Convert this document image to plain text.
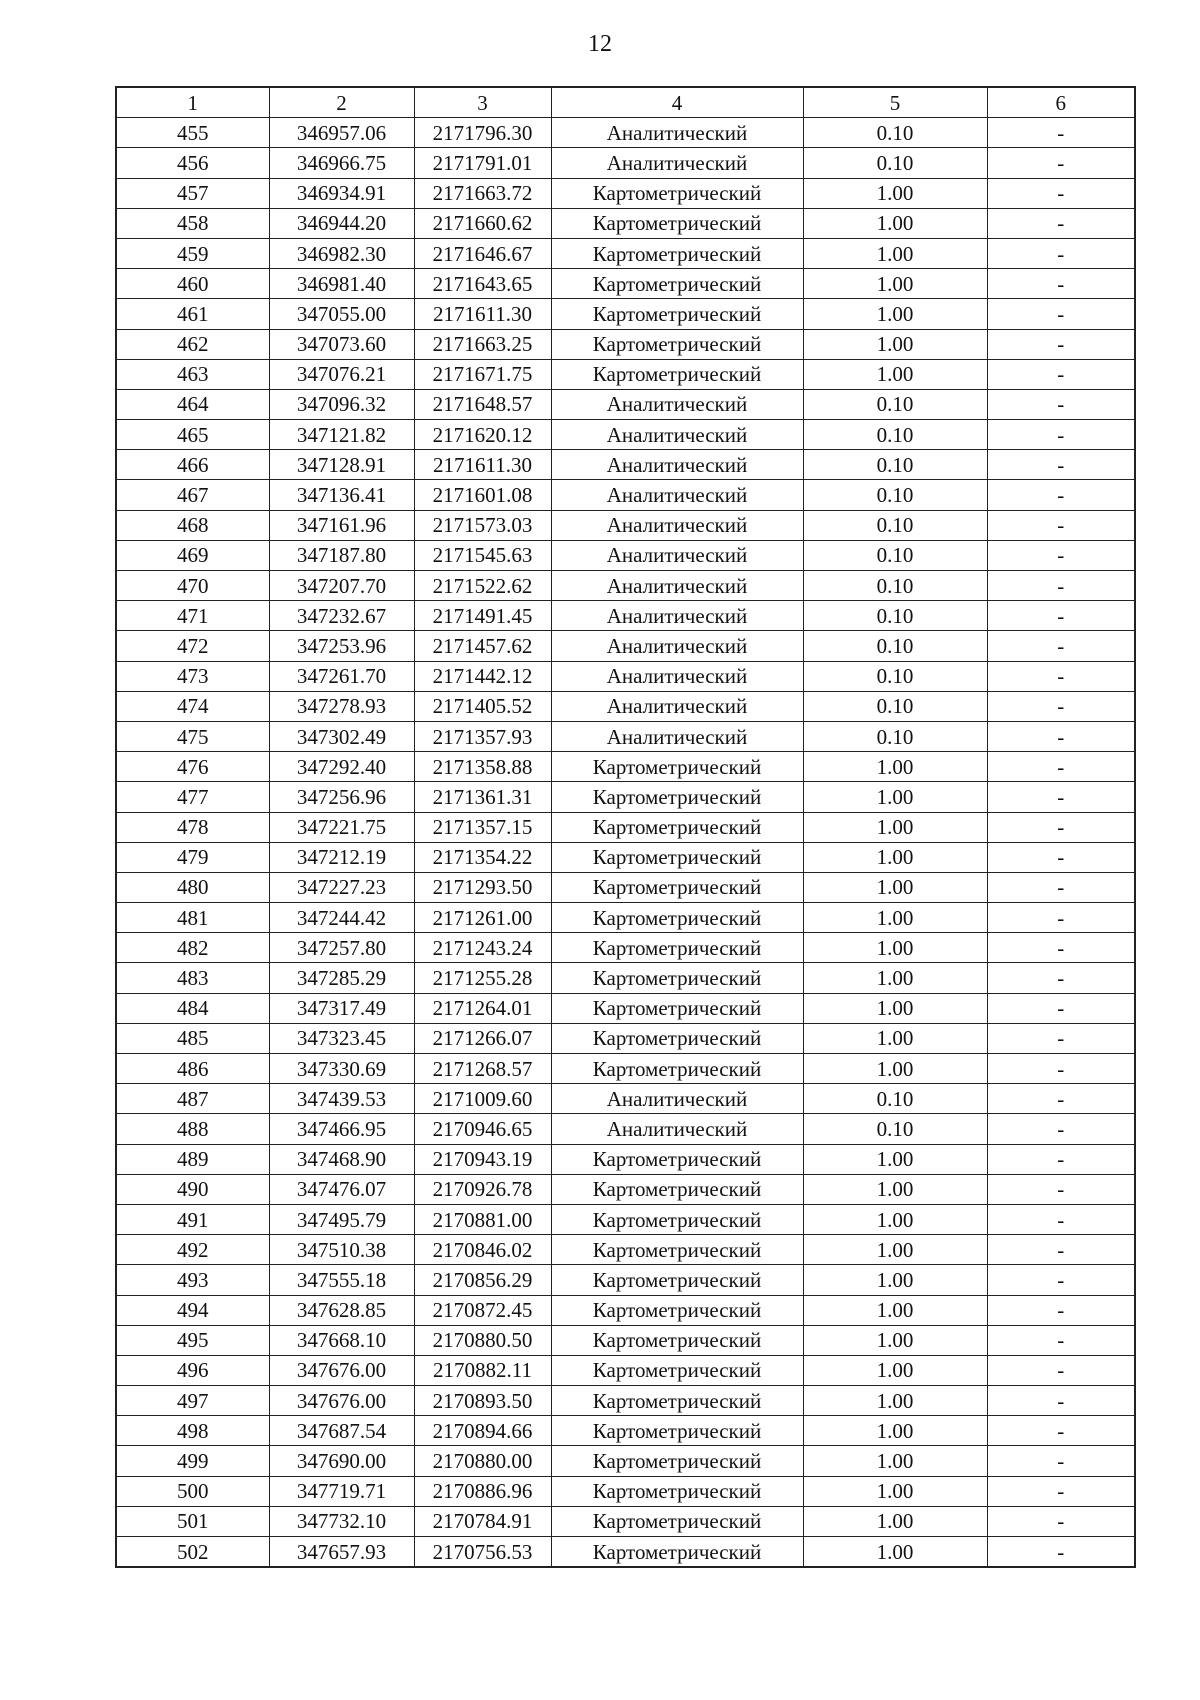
12
1	2	3	4	5	6
455	346957.06	2171796.30	Аналитический	0.10	-
456	346966.75	2171791.01	Аналитический	0.10	-
457	346934.91	2171663.72	Картометрический	1.00	-
458	346944.20	2171660.62	Картометрический	1.00	-
459	346982.30	2171646.67	Картометрический	1.00	-
460	346981.40	2171643.65	Картометрический	1.00	-
461	347055.00	2171611.30	Картометрический	1.00	-
462	347073.60	2171663.25	Картометрический	1.00	-
463	347076.21	2171671.75	Картометрический	1.00	-
464	347096.32	2171648.57	Аналитический	0.10	-
465	347121.82	2171620.12	Аналитический	0.10	-
466	347128.91	2171611.30	Аналитический	0.10	-
467	347136.41	2171601.08	Аналитический	0.10	-
468	347161.96	2171573.03	Аналитический	0.10	-
469	347187.80	2171545.63	Аналитический	0.10	-
470	347207.70	2171522.62	Аналитический	0.10	-
471	347232.67	2171491.45	Аналитический	0.10	-
472	347253.96	2171457.62	Аналитический	0.10	-
473	347261.70	2171442.12	Аналитический	0.10	-
474	347278.93	2171405.52	Аналитический	0.10	-
475	347302.49	2171357.93	Аналитический	0.10	-
476	347292.40	2171358.88	Картометрический	1.00	-
477	347256.96	2171361.31	Картометрический	1.00	-
478	347221.75	2171357.15	Картометрический	1.00	-
479	347212.19	2171354.22	Картометрический	1.00	-
480	347227.23	2171293.50	Картометрический	1.00	-
481	347244.42	2171261.00	Картометрический	1.00	-
482	347257.80	2171243.24	Картометрический	1.00	-
483	347285.29	2171255.28	Картометрический	1.00	-
484	347317.49	2171264.01	Картометрический	1.00	-
485	347323.45	2171266.07	Картометрический	1.00	-
486	347330.69	2171268.57	Картометрический	1.00	-
487	347439.53	2171009.60	Аналитический	0.10	-
488	347466.95	2170946.65	Аналитический	0.10	-
489	347468.90	2170943.19	Картометрический	1.00	-
490	347476.07	2170926.78	Картометрический	1.00	-
491	347495.79	2170881.00	Картометрический	1.00	-
492	347510.38	2170846.02	Картометрический	1.00	-
493	347555.18	2170856.29	Картометрический	1.00	-
494	347628.85	2170872.45	Картометрический	1.00	-
495	347668.10	2170880.50	Картометрический	1.00	-
496	347676.00	2170882.11	Картометрический	1.00	-
497	347676.00	2170893.50	Картометрический	1.00	-
498	347687.54	2170894.66	Картометрический	1.00	-
499	347690.00	2170880.00	Картометрический	1.00	-
500	347719.71	2170886.96	Картометрический	1.00	-
501	347732.10	2170784.91	Картометрический	1.00	-
502	347657.93	2170756.53	Картометрический	1.00	-
